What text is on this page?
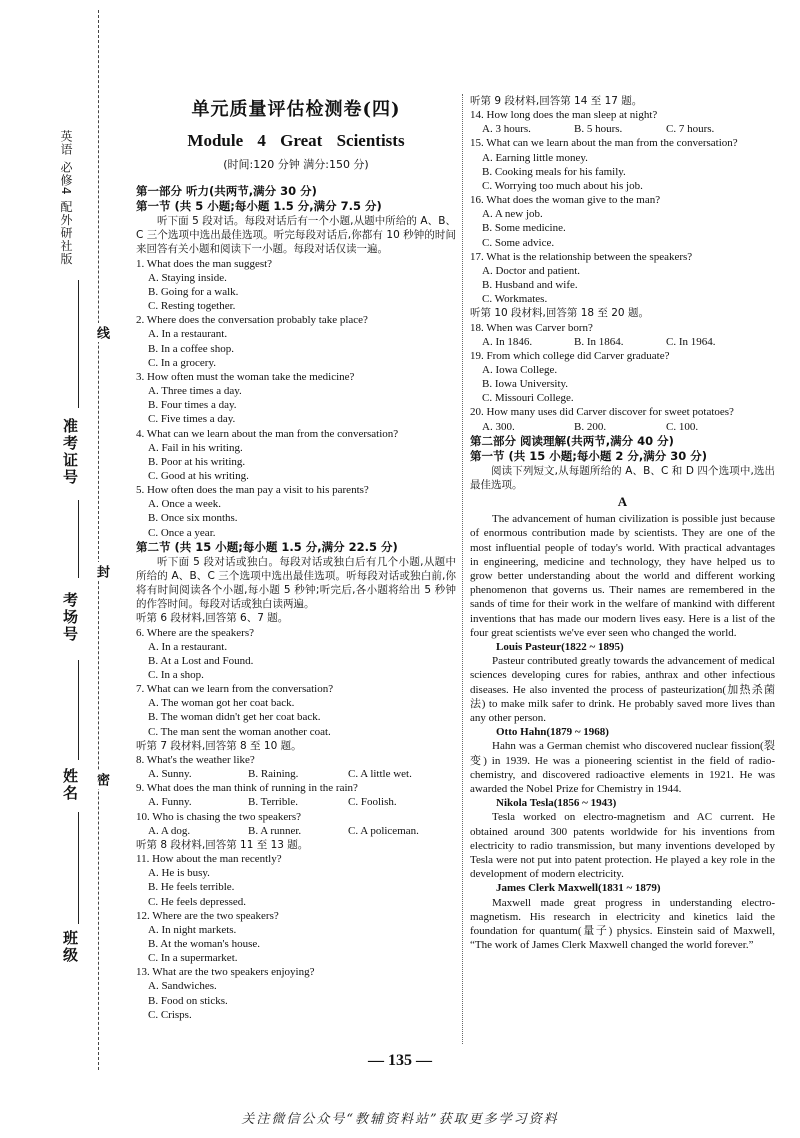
英语 必修4 配外研社版
准考证号
考场号
姓名
班级
线
封
密
单元质量评估检测卷(四)
Module 4 Great Scientists
(时间:120 分钟 满分:150 分)
第一部分 听力(共两节,满分 30 分)
第一节 (共 5 小题;每小题 1.5 分,满分 7.5 分)
听下面 5 段对话。每段对话后有一个小题,从题中所给的 A、B、C 三个选项中选出最佳选项。听完每段对话后,你都有 10 秒钟的时间来回答有关小题和阅读下一小题。每段对话仅读一遍。
1. What does the man suggest?
A. Staying inside.
B. Going for a walk.
C. Resting together.
2. Where does the conversation probably take place?
A. In a restaurant.
B. In a coffee shop.
C. In a grocery.
3. How often must the woman take the medicine?
A. Three times a day.
B. Four times a day.
C. Five times a day.
4. What can we learn about the man from the conversation?
A. Fail in his writing.
B. Poor at his writing.
C. Good at his writing.
5. How often does the man pay a visit to his parents?
A. Once a week.
B. Once six months.
C. Once a year.
第二节 (共 15 小题;每小题 1.5 分,满分 22.5 分)
听下面 5 段对话或独白。每段对话或独白后有几个小题,从题中所给的 A、B、C 三个选项中选出最佳选项。听每段对话或独白前,你将有时间阅读各个小题,每小题 5 秒钟;听完后,各小题将给出 5 秒钟的作答时间。每段对话或独白读两遍。
听第 6 段材料,回答第 6、7 题。
6. Where are the speakers?
A. In a restaurant.
B. At a Lost and Found.
C. In a shop.
7. What can we learn from the conversation?
A. The woman got her coat back.
B. The woman didn't get her coat back.
C. The man sent the woman another coat.
听第 7 段材料,回答第 8 至 10 题。
8. What's the weather like?
A. Sunny.	B. Raining.	C. A little wet.
9. What does the man think of running in the rain?
A. Funny.	B. Terrible.	C. Foolish.
10. Who is chasing the two speakers?
A. A dog.	B. A runner.	C. A policeman.
听第 8 段材料,回答第 11 至 13 题。
11. How about the man recently?
A. He is busy.
B. He feels terrible.
C. He feels depressed.
12. Where are the two speakers?
A. In night markets.
B. At the woman's house.
C. In a supermarket.
13. What are the two speakers enjoying?
A. Sandwiches.
B. Food on sticks.
C. Crisps.
听第 9 段材料,回答第 14 至 17 题。
14. How long does the man sleep at night?
A. 3 hours.	B. 5 hours.	C. 7 hours.
15. What can we learn about the man from the conversation?
A. Earning little money.
B. Cooking meals for his family.
C. Worrying too much about his job.
16. What does the woman give to the man?
A. A new job.
B. Some medicine.
C. Some advice.
17. What is the relationship between the speakers?
A. Doctor and patient.
B. Husband and wife.
C. Workmates.
听第 10 段材料,回答第 18 至 20 题。
18. When was Carver born?
A. In 1846.	B. In 1864.	C. In 1964.
19. From which college did Carver graduate?
A. Iowa College.
B. Iowa University.
C. Missouri College.
20. How many uses did Carver discover for sweet potatoes?
A. 300.	B. 200.	C. 100.
第二部分 阅读理解(共两节,满分 40 分)
第一节 (共 15 小题;每小题 2 分,满分 30 分)
阅读下列短文,从每题所给的 A、B、C 和 D 四个选项中,选出最佳选项。
A
The advancement of human civilization is possible just because of enormous contribution made by scientists. They are one of the most influential people of today's world. With practical advantages in engineering, medicine and technology, they have helped us to grow better understanding about the world and different working phenomenon that governs us. Their names are remembered in the sands of time for their work in the welfare of mankind with different inventions that has made our modern lives easy. Here is a list of the four great scientists we've ever seen who changed the world.
Louis Pasteur(1822 ~ 1895)
Pasteur contributed greatly towards the advancement of medical sciences developing cures for rabies, anthrax and other infectious diseases. He also invented the process of pasteurization(加热杀菌法) to make milk safer to drink. He probably saved more lives than any other person.
Otto Hahn(1879 ~ 1968)
Hahn was a German chemist who discovered nuclear fission(裂变) in 1939. He was a pioneering scientist in the field of radio-chemistry, and discovered radioactive elements in 1921. He was awarded the Nobel Prize for Chemistry in 1944.
Nikola Tesla(1856 ~ 1943)
Tesla worked on electro-magnetism and AC current. He obtained around 300 patents worldwide for his inventions from electricity to radio transmission, but many inventions developed by Tesla were not put into patent protection. He played a key role in the development of modern electricity.
James Clerk Maxwell(1831 ~ 1879)
Maxwell made great progress in understanding electro-magnetism. His research in electricity and kinetics laid the foundation for quantum(量子) physics. Einstein said of Maxwell, “The work of James Clerk Maxwell changed the world forever.”
— 135 —
关注微信公众号“教辅资料站”获取更多学习资料
